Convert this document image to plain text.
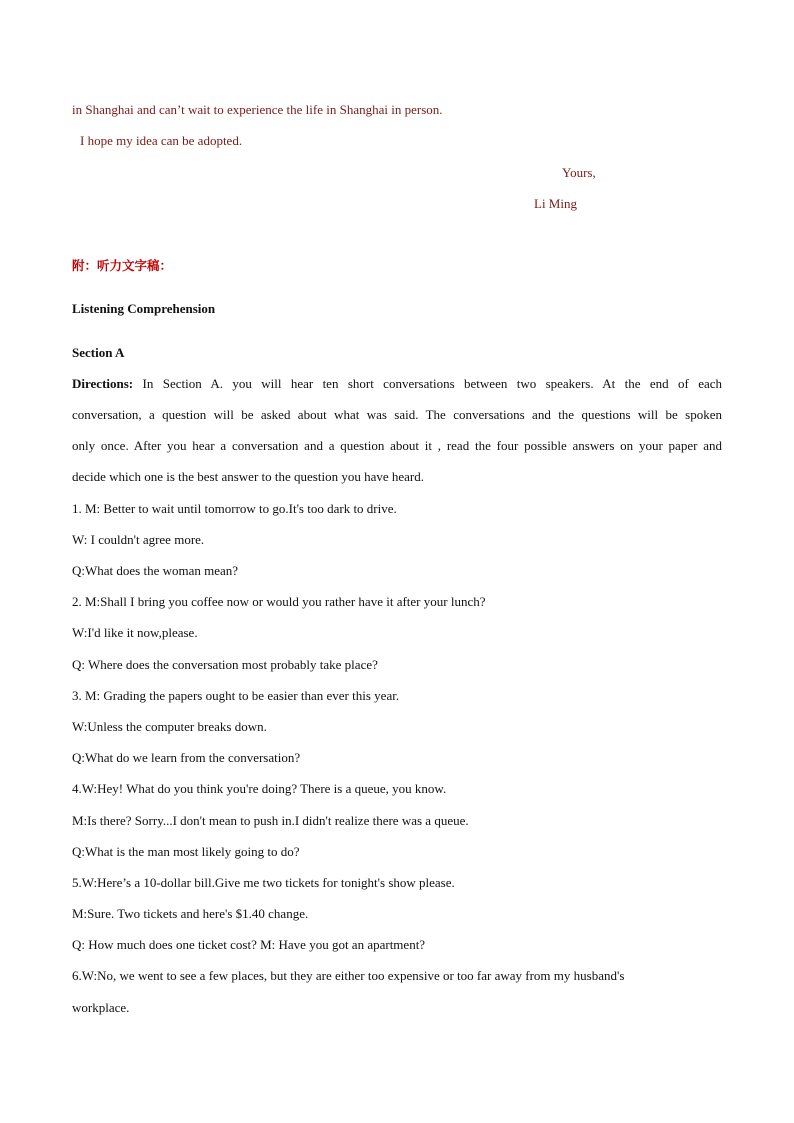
in Shanghai and can’t wait to experience the life in Shanghai in person.
I hope my idea can be adopted.
Yours,
Li Ming
附：听力文字稿：
Listening Comprehension
Section A
Directions: In Section A. you will hear ten short conversations between two speakers. At the end of each
conversation, a question will be asked about what was said. The conversations and the questions will be spoken
only once. After you hear a conversation and a question about it , read the four possible answers on your paper and
decide which one is the best answer to the question you have heard.
1. M: Better to wait until tomorrow to go.It's too dark to drive.
W: I couldn't agree more.
Q:What does the woman mean?
2. M:Shall I bring you coffee now or would you rather have it after your lunch?
W:I'd like it now,please.
Q: Where does the conversation most probably take place?
3. M: Grading the papers ought to be easier than ever this year.
W:Unless the computer breaks down.
Q:What do we learn from the conversation?
4.W:Hey! What do you think you're doing? There is a queue, you know.
M:Is there? Sorry...I don't mean to push in.I didn't realize there was a queue.
Q:What is the man most likely going to do?
5.W:Here’s a 10-dollar bill.Give me two tickets for tonight's show please.
M:Sure. Two tickets and here's $1.40 change.
Q: How much does one ticket cost? M: Have you got an apartment?
6.W:No, we went to see a few places, but they are either too expensive or too far away from my husband's
workplace.
